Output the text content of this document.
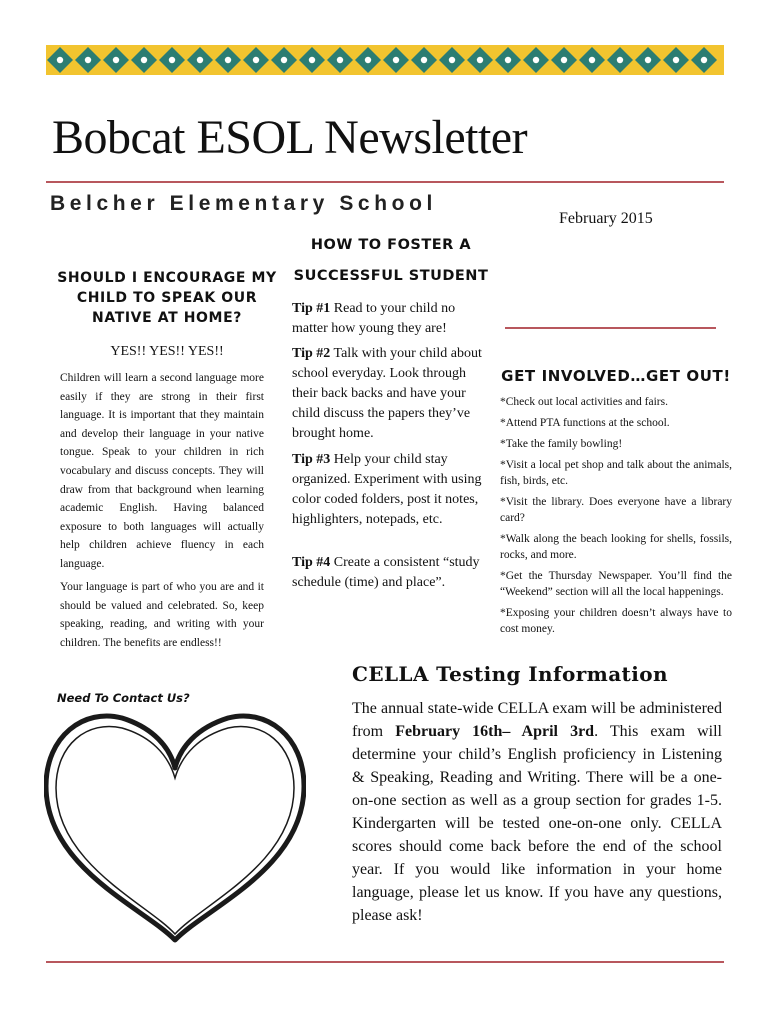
Bobcat ESOL Newsletter
Belcher Elementary School
February 2015
SHOULD I ENCOURAGE MY CHILD TO SPEAK OUR NATIVE AT HOME?
YES!! YES!! YES!!
Children will learn a second language more easily if they are strong in their first language. It is important that they maintain and develop their language in your native tongue. Speak to your children in rich vocabulary and discuss concepts. They will draw from that background when learning academic English. Having balanced exposure to both languages will actually help children achieve fluency in each language.
Your language is part of who you are and it should be valued and celebrated. So, keep speaking, reading, and writing with your children. The benefits are endless!!
Need To Contact Us?
HOW TO FOSTER A SUCCESSFUL STUDENT
Tip #1 Read to your child no matter how young they are!
Tip #2 Talk with your child about school everyday. Look through their back backs and have your child discuss the papers they’ve brought home.
Tip #3 Help your child stay organized. Experiment with using color coded folders, post it notes, highlighters, notepads, etc.
Tip #4 Create a consistent “study schedule (time) and place”.
GET INVOLVED…GET OUT!
*Check out local activities and fairs.
*Attend PTA functions at the school.
*Take the family bowling!
*Visit a local pet shop and talk about the animals, fish, birds, etc.
*Visit the library. Does everyone have a library card?
*Walk along the beach looking for shells, fossils, rocks, and more.
*Get the Thursday Newspaper. You’ll find the “Weekend” section will all the local happenings.
*Exposing your children doesn’t always have to cost money.
CELLA Testing Information
The annual state-wide CELLA exam will be administered from February 16th– April 3rd. This exam will determine your child’s English proficiency in Listening & Speaking, Reading and Writing. There will be a one-on-one section as well as a group section for grades 1-5. Kindergarten will be tested one-on-one only. CELLA scores should come back before the end of the school year. If you would like information in your home language, please let us know. If you have any questions, please ask!
